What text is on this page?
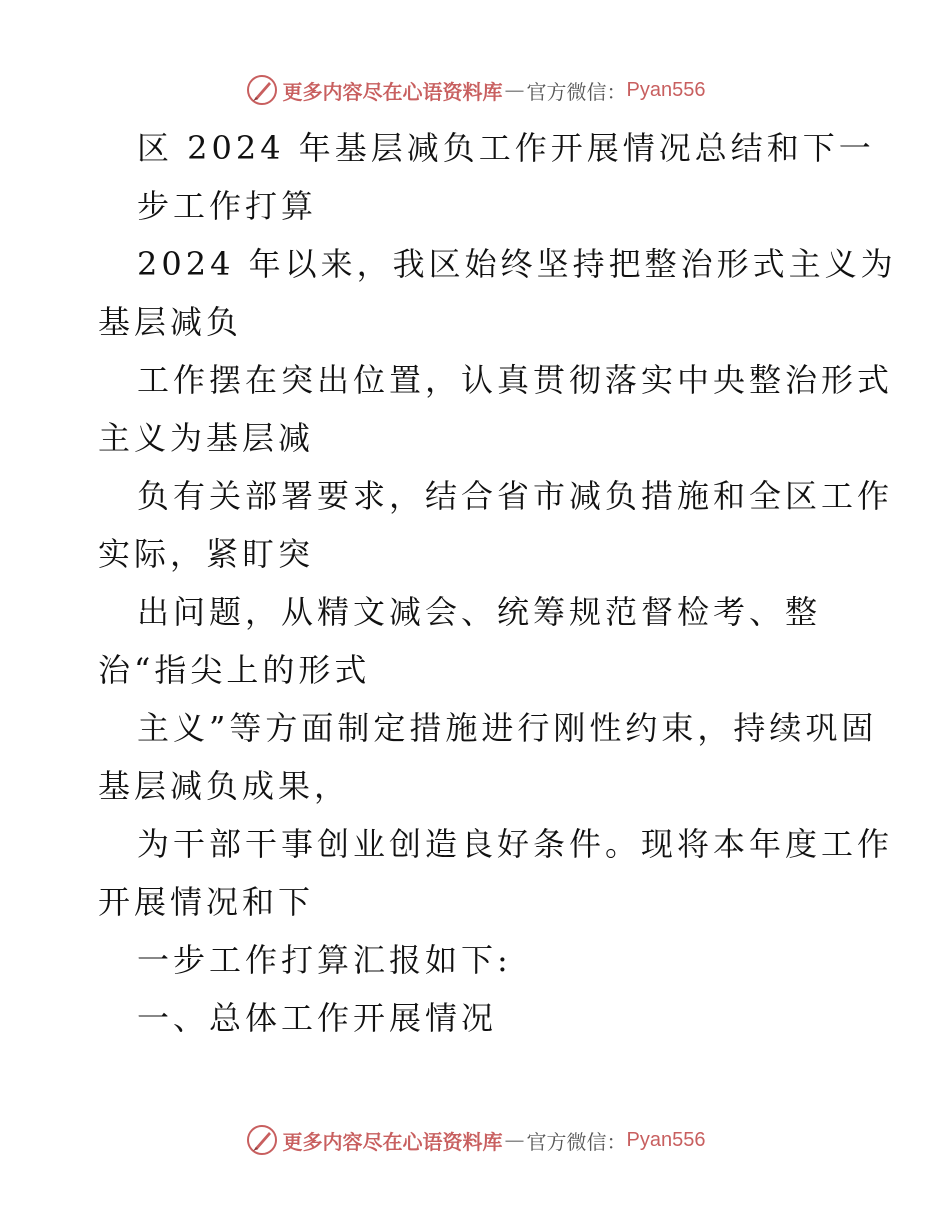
更多内容尽在心语资料库 — 官方微信： Pyan556
区 2024 年基层减负工作开展情况总结和下一
步工作打算
2024 年以来，我区始终坚持把整治形式主义为
基层减负
工作摆在突出位置，认真贯彻落实中央整治形式
主义为基层减
负有关部署要求，结合省市减负措施和全区工作
实际，紧盯突
出问题，从精文减会、统筹规范督检考、整
治“指尖上的形式
主义”等方面制定措施进行刚性约束，持续巩固
基层减负成果，
为干部干事创业创造良好条件。现将本年度工作
开展情况和下
一步工作打算汇报如下:
一、总体工作开展情况
更多内容尽在心语资料库 — 官方微信： Pyan556
